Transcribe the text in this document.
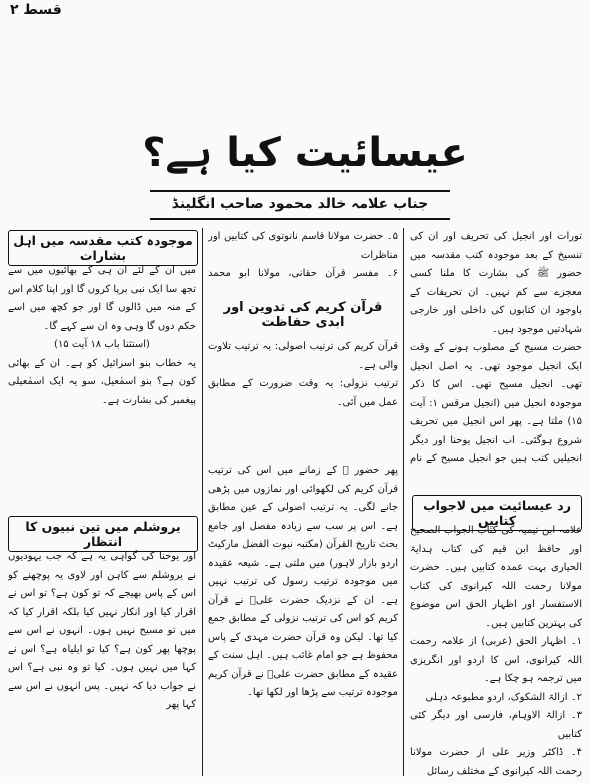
قسط ۲
عیسائیت کیا ہے؟
جناب علامہ خالد محمود صاحب انگلینڈ

تورات اور انجیل کی تحریف اور ان کی تنسیخ کے بعد موجودہ کتب مقدسہ میں حضور ﷺ کی بشارت کا ملنا کسی معجزے سے کم نہیں۔ ان تحریفات کے باوجود ان کتابوں کی داخلی اور خارجی شہادتیں موجود ہیں۔

حضرت مسیح کے مصلوب ہونے کے وقت ایک انجیل موجود تھی۔ یہ اصل انجیل تھی۔ انجیل مسیح تھی۔ اس کا ذکر موجودہ انجیل میں (انجیل مرقس ۱: آیت ۱۵) ملتا ہے۔ پھر اس انجیل میں تحریف شروع ہوگئی۔ اب انجیل یوحنا اور دیگر انجیلیں کتب ہیں جو انجیل مسیح کے نام

رد عیسائیت میں لاجواب کتابیں

علامہ ابن تیمیہ کی کتاب الجواب الصحیح اور حافظ ابن قیم کی کتاب ہدایۃ الحیاری بہت عمدہ کتابیں ہیں۔ حضرت مولانا رحمت اللہ کیرانوی کی کتاب الاستفسار اور اظہار الحق اس موضوع کی بہترین کتابیں ہیں۔

۱۔ اظہار الحق (عربی) از علامہ رحمت اللہ کیرانوی، اس کا اردو اور انگریزی میں ترجمہ ہو چکا ہے۔

۲۔ ازالۃ الشکوک، اردو مطبوعہ دہلی

۳۔ ازالۃ الاوہام، فارسی اور دیگر کئی کتابیں

۴۔ ڈاکٹر وزیر علی از حضرت مولانا رحمت اللہ کیرانوی کے مختلف رسائل

۵۔ حضرت مولانا قاسم نانوتوی کی کتابیں اور مناظرات

۶۔ مفسر قرآن حقانی، مولانا ابو محمد

قرآن کریم کی تدوین اور ابدی حفاظت

قرآن کریم کی ترتیب اصولی: یہ ترتیب تلاوت والی ہے۔

ترتیب نزولی: یہ وقت ضرورت کے مطابق عمل میں آئی۔

پھر حضور ﷺ کے زمانے میں اس کی ترتیب قرآن کریم کی لکھوائی اور نمازوں میں پڑھی جانے لگی۔ یہ ترتیب اصولی کے عین مطابق ہے۔ اس پر سب سے زیادہ مفصل اور جامع بحث تاریخ القرآن (مکتبہ نبوت الفضل مارکیٹ اردو بازار لاہور) میں ملتی ہے۔ شیعہ عقیدہ میں موجودہ ترتیب رسول کی ترتیب نہیں ہے۔ ان کے نزدیک حضرت علیؓ نے قرآن کریم کو اس کی ترتیب نزولی کے مطابق جمع کیا تھا۔ لیکن وہ قرآن حضرت مہدی کے پاس محفوظ ہے جو امام غائب ہیں۔ اہل سنت کے عقیدہ کے مطابق حضرت علیؓ نے قرآن کریم موجودہ ترتیب سے پڑھا اور لکھا تھا۔

موجودہ کتب مقدسہ میں اہل بشارات

میں ان کے لئے ان ہی کے بھائیوں میں سے تجھ سا ایک نبی برپا کروں گا اور اپنا کلام اس کے منہ میں ڈالوں گا اور جو کچھ میں اسے حکم دوں گا وہی وہ ان سے کہے گا۔

(استثنا باب ۱۸ آیت ۱۵)

یہ خطاب بنو اسرائیل کو ہے۔ ان کے بھائی کون ہے؟ بنو اسمٰعیل، سو یہ ایک اسمٰعیلی پیغمبر کی بشارت ہے۔

یروشلم میں تین نبیوں کا انتظار

اور یوحنا کی گواہی یہ ہے کہ جب یہودیوں نے یروشلم سے کاہن اور لاوی یہ پوچھنے کو اس کے پاس بھیجے کہ تو کون ہے؟ تو اس نے اقرار کیا اور انکار نہیں کیا بلکہ اقرار کیا کہ میں تو مسیح نہیں ہوں۔ انہوں نے اس سے پوچھا پھر کون ہے؟ کیا تو ایلیاہ ہے؟ اس نے کہا میں نہیں ہوں۔ کیا تو وہ نبی ہے؟ اس نے جواب دیا کہ نہیں۔ پس انہوں نے اس سے کہا پھر
